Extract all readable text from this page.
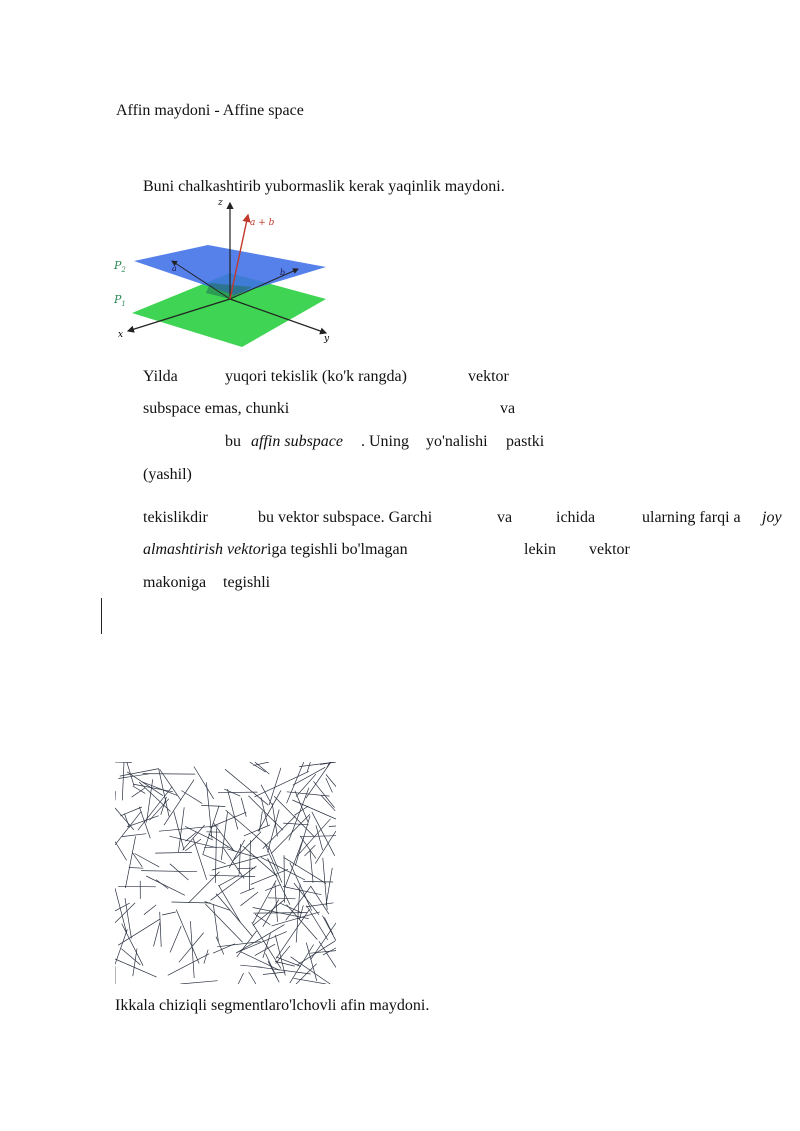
Affin maydoni - Affine space
Buni chalkashtirib yubormaslik kerak yaqinlik maydoni.
z
x	y
$P_2$
$P_1$
a	b
a + b
Yilda	yuqori tekislik (ko'k rangda)	vektor
subspace emas, chunki	va
bu affin subspace . Uning yo'nalishi pastki
(yashil)
tekislikdir	bu vektor subspace. Garchi	va	ichida	ularning farqi a joy
almashtirish vektoriga tegishli bo'lmagan	lekin vektor
makoniga tegishli
Ikkala chiziqli segmentlaro'lchovli afin maydoni.
